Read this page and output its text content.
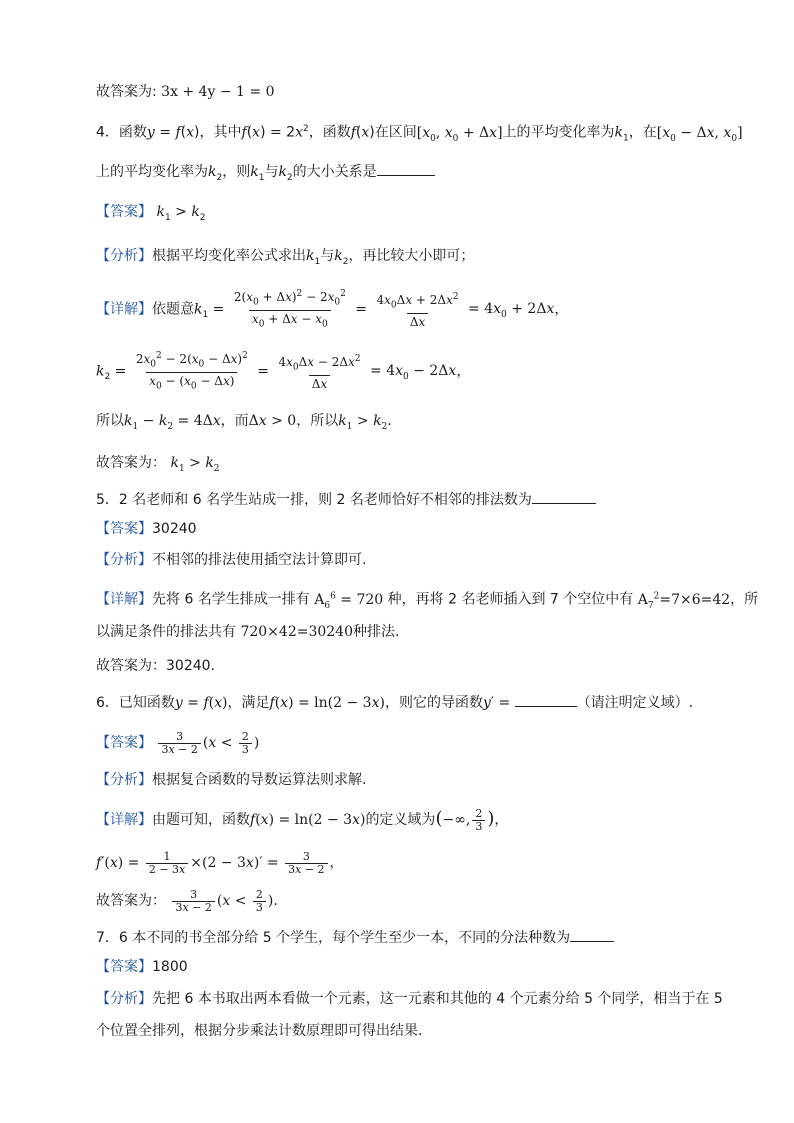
故答案为: 3x + 4y − 1 = 0
4．函数y = f(x)，其中$f(x) = 2x^2$，函数f(x)在区间[$x_0$, $x_0 + \Delta x$]上的平均变化率为$k_1$，在[$x_0 - \Delta x$, $x_0$]
上的平均变化率为$k_2$，则$k_1$与$k_2$的大小关系是
【答案】 $k_1 > k_2$
【分析】根据平均变化率公式求出$k_1$与$k_2$，再比较大小即可；
【详解】依题意$k_1 = \frac{2(x_0 + \Delta x)^2 - 2x_0^2}{x_0 + \Delta x - x_0} = \frac{4x_0\Delta x + 2\Delta x^2}{\Delta x} = 4x_0 + 2\Delta x$，
$k_2 = \frac{2x_0^2 - 2(x_0 - \Delta x)^2}{x_0 - (x_0 - \Delta x)} = \frac{4x_0\Delta x - 2\Delta x^2}{\Delta x} = 4x_0 - 2\Delta x$，
所以$k_1 - k_2 = 4\Delta x$，而Δx > 0，所以$k_1 > k_2$.
故答案为： $k_1 > k_2$
5．2 名老师和 6 名学生站成一排，则 2 名老师恰好不相邻的排法数为
【答案】30240
【分析】不相邻的排法使用插空法计算即可.
【详解】先将 6 名学生排成一排有 $A_6^6 = 720$ 种，再将 2 名老师插入到 7 个空位中有 $A_7^2=7\times 6=42$，所
以满足条件的排法共有 720×42=30240种排法.
故答案为：30240.
6．已知函数y = f(x)，满足f(x) = ln(2 − 3x)，则它的导函数y′ =	（请注明定义域）.
【答案】 $\frac{3}{3x - 2} (x < \frac{2}{3}$ )
【分析】根据复合函数的导数运算法则求解.
【详解】由题可知，函数f(x) = ln(2 − 3x)的定义域为(−∞, $\frac{2}{3}$ )，
$f'(x) = \frac{1}{2 - 3x} \times(2 - 3x)' = \frac{3}{3x - 2}$ ，
故答案为： $\frac{3}{3x - 2} (x < \frac{2}{3}$ ).
7．6 本不同的书全部分给 5 个学生，每个学生至少一本，不同的分法种数为
【答案】1800
【分析】先把 6 本书取出两本看做一个元素，这一元素和其他的 4 个元素分给 5 个同学，相当于在 5
个位置全排列，根据分步乘法计数原理即可得出结果.
